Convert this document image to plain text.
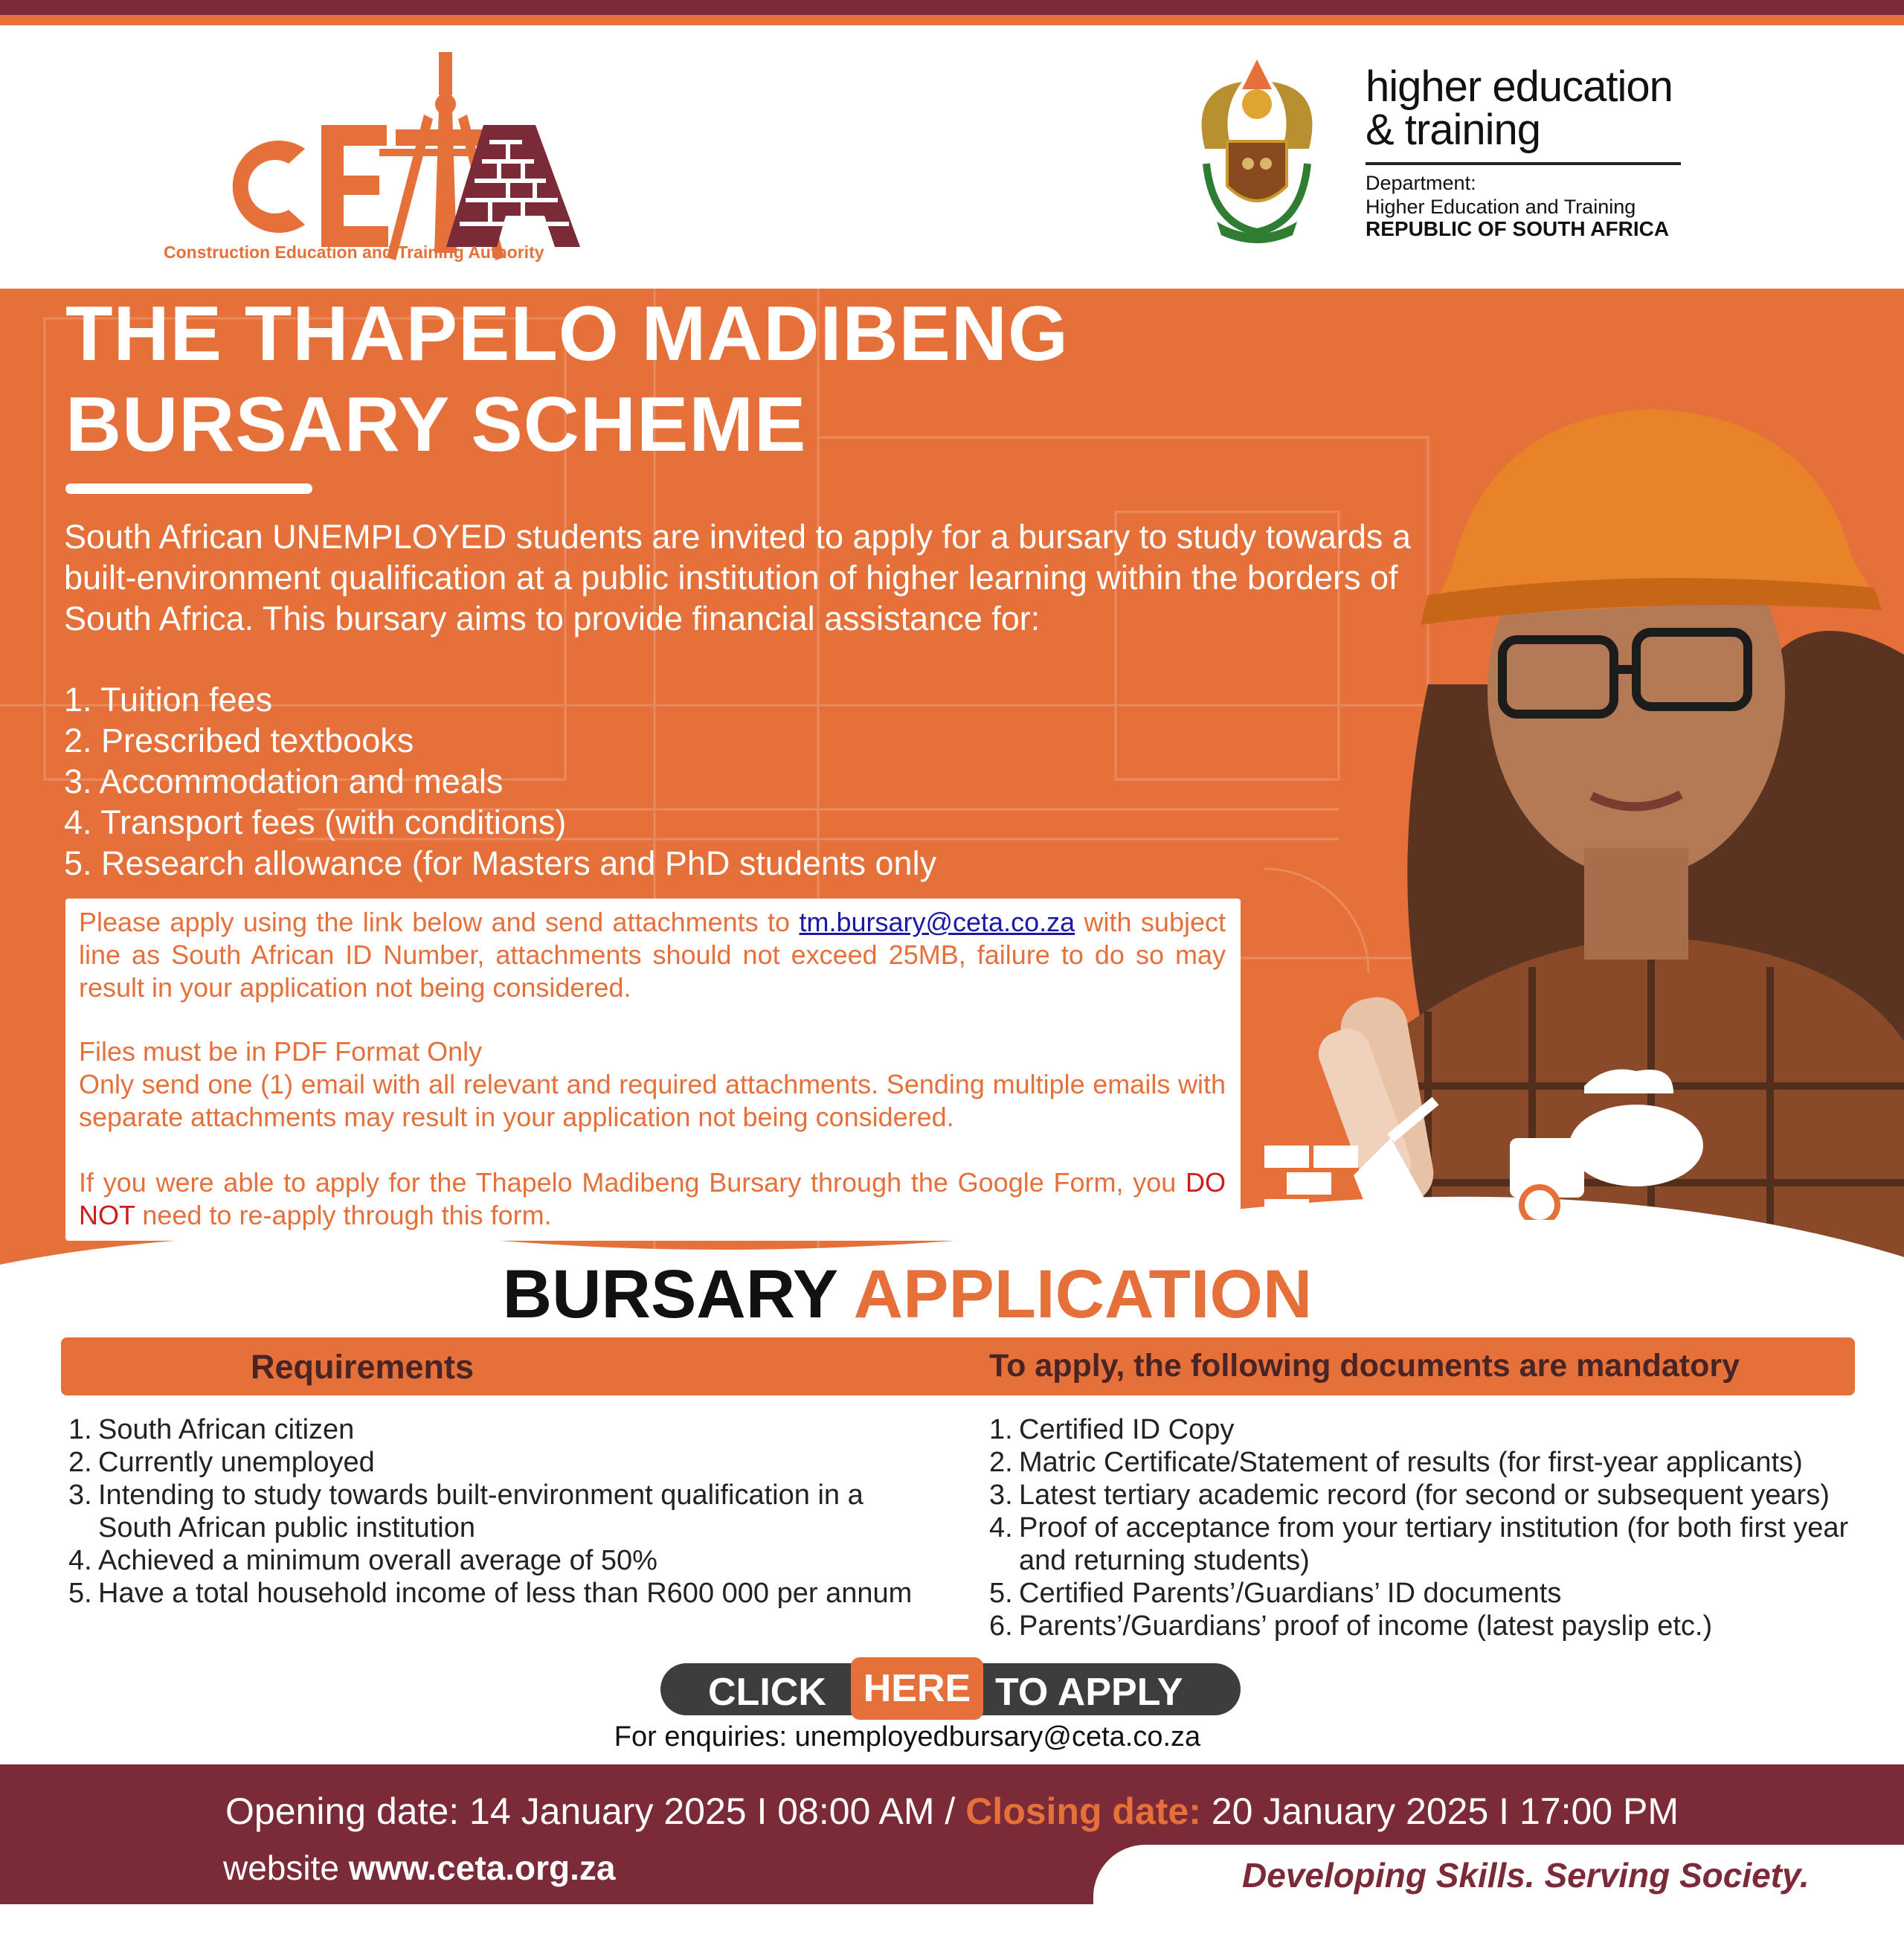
Construction Education and Training Authority
higher education
& training
Department:
Higher Education and Training
REPUBLIC OF SOUTH AFRICA
THE THAPELO MADIBENG
BURSARY SCHEME
South African UNEMPLOYED students are invited to apply for a bursary to study towards a built-environment qualification at a public institution of higher learning within the borders of South Africa. This bursary aims to provide financial assistance for:
1. Tuition fees
2. Prescribed textbooks
3. Accommodation and meals
4. Transport fees (with conditions)
5. Research allowance (for Masters and PhD students only
Please apply using the link below and send attachments to tm.bursary@ceta.co.za with subject line as South African ID Number, attachments should not exceed 25MB, failure to do so may result in your application not being considered.
Files must be in PDF Format Only
Only send one (1) email with all relevant and required attachments. Sending multiple emails with separate attachments may result in your application not being considered.
If you were able to apply for the Thapelo Madibeng Bursary through the Google Form, you DO NOT need to re-apply through this form.
BURSARY APPLICATION
Requirements	To apply, the following documents are mandatory
1. South African citizen
2. Currently unemployed
3. Intending to study towards built-environment qualification in a South African public institution
4. Achieved a minimum overall average of 50%
5. Have a total household income of less than R600 000 per annum
1. Certified ID Copy
2. Matric Certificate/Statement of results (for first-year applicants)
3. Latest tertiary academic record (for second or subsequent years)
4. Proof of acceptance from your tertiary institution (for both first year and returning students)
5. Certified Parents’/Guardians’ ID documents
6. Parents’/Guardians’ proof of income (latest payslip etc.)
CLICK HERE TO APPLY
For enquiries: unemployedbursary@ceta.co.za
Opening date: 14 January 2025 I 08:00 AM / Closing date: 20 January 2025 I 17:00 PM
website www.ceta.org.za	Developing Skills. Serving Society.
